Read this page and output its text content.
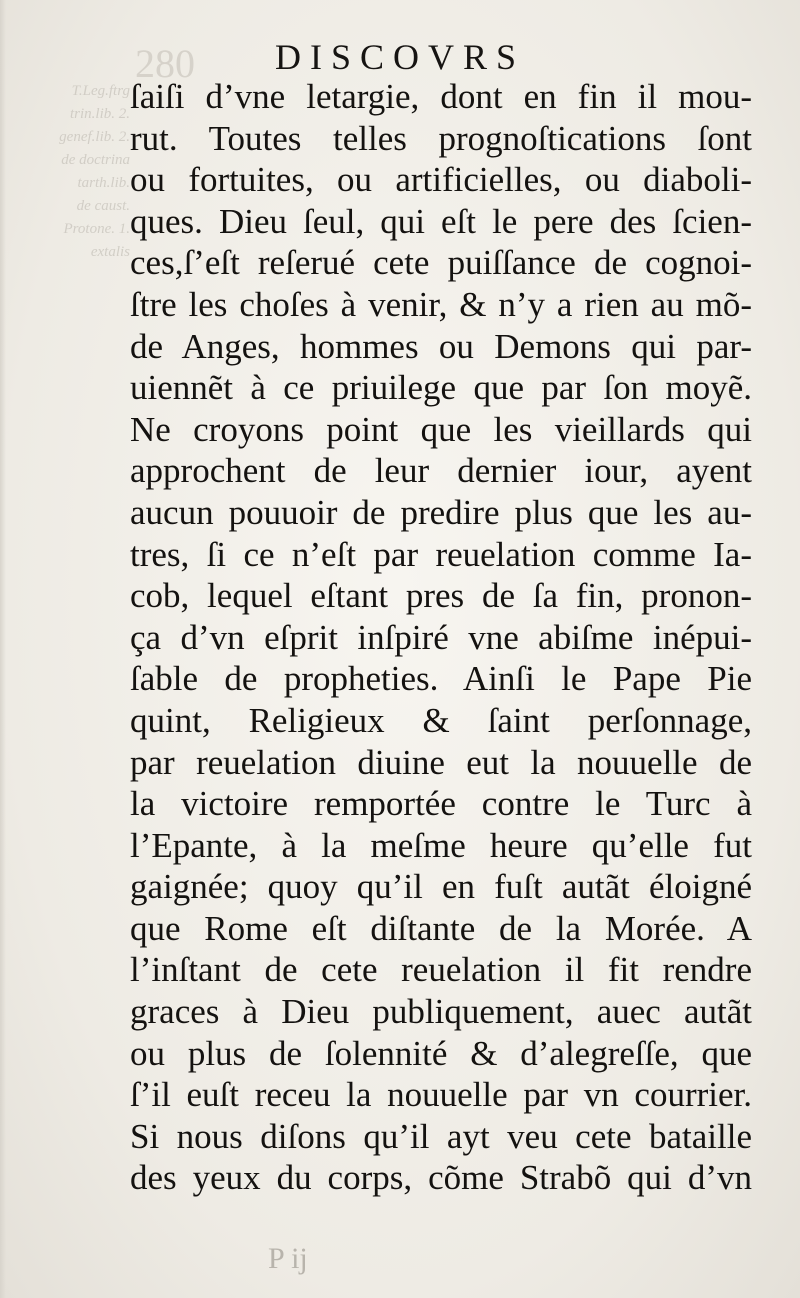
280
T.Leg.ftrg
trin.lib. 2.
genef.lib. 2.
de doctrina
tarth.lib.
de caust.
Protone. 1.
extalis
DISCOVRS
ſaiſi d’vne letargie, dont en fin il mou-
rut. Toutes telles prognoſtications ſont
ou fortuites, ou artificielles, ou diaboli-
ques. Dieu ſeul, qui eſt le pere des ſcien-
ces,ſ’eſt reſerué cete puiſſance de cognoi-
ſtre les choſes à venir, & n’y a rien au mõ-
de Anges, hommes ou Demons qui par-
uiennẽt à ce priuilege que par ſon moyẽ.
Ne croyons point que les vieillards qui
approchent de leur dernier iour, ayent
aucun pouuoir de predire plus que les au-
tres, ſi ce n’eſt par reuelation comme Ia-
cob, lequel eſtant pres de ſa fin, pronon-
ça d’vn eſprit inſpiré vne abiſme inépui-
ſable de propheties. Ainſi le Pape Pie
quint, Religieux & ſaint perſonnage,
par reuelation diuine eut la nouuelle de
la victoire remportée contre le Turc à
l’Epante, à la meſme heure qu’elle fut
gaignée; quoy qu’il en fuſt autãt éloigné
que Rome eſt diſtante de la Morée. A
l’inſtant de cete reuelation il fit rendre
graces à Dieu publiquement, auec autãt
ou plus de ſolennité & d’alegreſſe, que
ſ’il euſt receu la nouuelle par vn courrier.
Si nous diſons qu’il ayt veu cete bataille
des yeux du corps, cõme Strabõ qui d’vn
P ij
